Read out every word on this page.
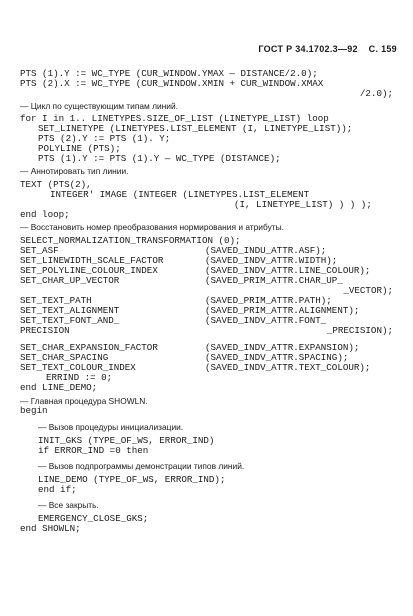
ГОСТ Р 34.1702.3—92 С. 159
PTS (1).Y := WC_TYPE (CUR_WINDOW.YMAX — DISTANCE/2.0);
PTS (2).X := WC_TYPE (CUR_WINDOW.XMIN + CUR_WINDOW.XMAX
/2.0);
— Цикл по существующим типам линий.
for I in 1.. LINETYPES.SIZE_OF_LIST (LINETYPE_LIST) loop
SET_LINETYPE (LINETYPES.LIST_ELEMENT (I, LINETYPE_LIST));
PTS (2).Y := PTS (1). Y;
POLYLINE (PTS);
PTS (1).Y := PTS (1).Y — WC_TYPE (DISTANCE);
— Аннотировать тип линии.
TEXT (PTS(2),
INTEGER' IMAGE (INTEGER (LINETYPES.LIST_ELEMENT
(I, LINETYPE_LIST) ) ) );
end loop;
— Восстановить номер преобразования нормирования и атрибуты.
SELECT_NORMALIZATION_TRANSFORMATION (0);
SET_ASF	(SAVED_INDU_ATTR.ASF);
SET_LINEWIDTH_SCALE_FACTOR	(SAVED_INDV_ATTR.WIDTH);
SET_POLYLINE_COLOUR_INDEX	(SAVED_INDV_ATTR.LINE_COLOUR);
SET_CHAR_UP_VECTOR	(SAVED_PRIM_ATTR.CHAR_UP_
_VECTOR);
SET_TEXT_PATH	(SAVED_PRIM_ATTR.PATH);
SET_TEXT_ALIGNMENT	(SAVED_PRIM_ATTR.ALIGNMENT);
SET_TEXT_FONT_AND_	(SAVED_INDV_ATTR.FONT_
PRECISION	_PRECISION);
SET_CHAR_EXPANSION_FACTOR	(SAVED_INDV_ATTR.EXPANSION);
SET_CHAR_SPACING	(SAVED_INDV_ATTR.SPACING);
SET_TEXT_COLOUR_INDEX	(SAVED_INDV_ATTR.TEXT_COLOUR);
ERRIND := 0;
end LINE_DEMO;
— Главная процедура SHOWLN.
begin
— Вызов процедуры инициализации.
INIT_GKS (TYPE_OF_WS, ERROR_IND)
if ERROR_IND =0 then
— Вызов подпрограммы демонстрации типов линий.
LINE_DEMO (TYPE_OF_WS, ERROR_IND);
end if;
— Все закрыть.
EMERGENCY_CLOSE_GKS;
end SHOWLN;
